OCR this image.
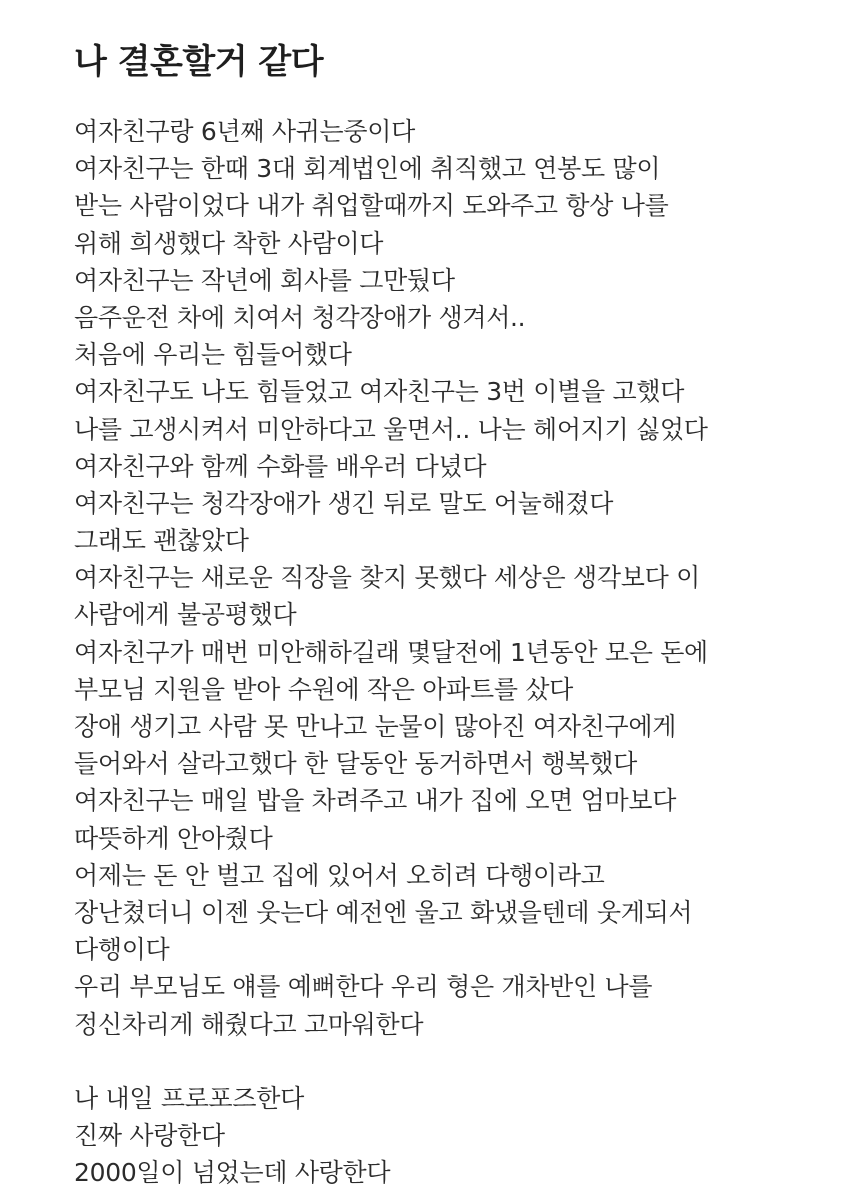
나 결혼할거 같다
여자친구랑 6년째 사귀는중이다
여자친구는 한때 3대 회계법인에 취직했고 연봉도 많이
받는 사람이었다 내가 취업할때까지 도와주고 항상 나를
위해 희생했다 착한 사람이다
여자친구는 작년에 회사를 그만뒀다
음주운전 차에 치여서 청각장애가 생겨서..
처음에 우리는 힘들어했다
여자친구도 나도 힘들었고 여자친구는 3번 이별을 고했다
나를 고생시켜서 미안하다고 울면서.. 나는 헤어지기 싫었다
여자친구와 함께 수화를 배우러 다녔다
여자친구는 청각장애가 생긴 뒤로 말도 어눌해졌다
그래도 괜찮았다
여자친구는 새로운 직장을 찾지 못했다 세상은 생각보다 이
사람에게 불공평했다
여자친구가 매번 미안해하길래 몇달전에 1년동안 모은 돈에
부모님 지원을 받아 수원에 작은 아파트를 샀다
장애 생기고 사람 못 만나고 눈물이 많아진 여자친구에게
들어와서 살라고했다 한 달동안 동거하면서 행복했다
여자친구는 매일 밥을 차려주고 내가 집에 오면 엄마보다
따뜻하게 안아줬다
어제는 돈 안 벌고 집에 있어서 오히려 다행이라고
장난쳤더니 이젠 웃는다 예전엔 울고 화냈을텐데 웃게되서
다행이다
우리 부모님도 얘를 예뻐한다 우리 형은 개차반인 나를
정신차리게 해줬다고 고마워한다
나 내일 프로포즈한다
진짜 사랑한다
2000일이 넘었는데 사랑한다
